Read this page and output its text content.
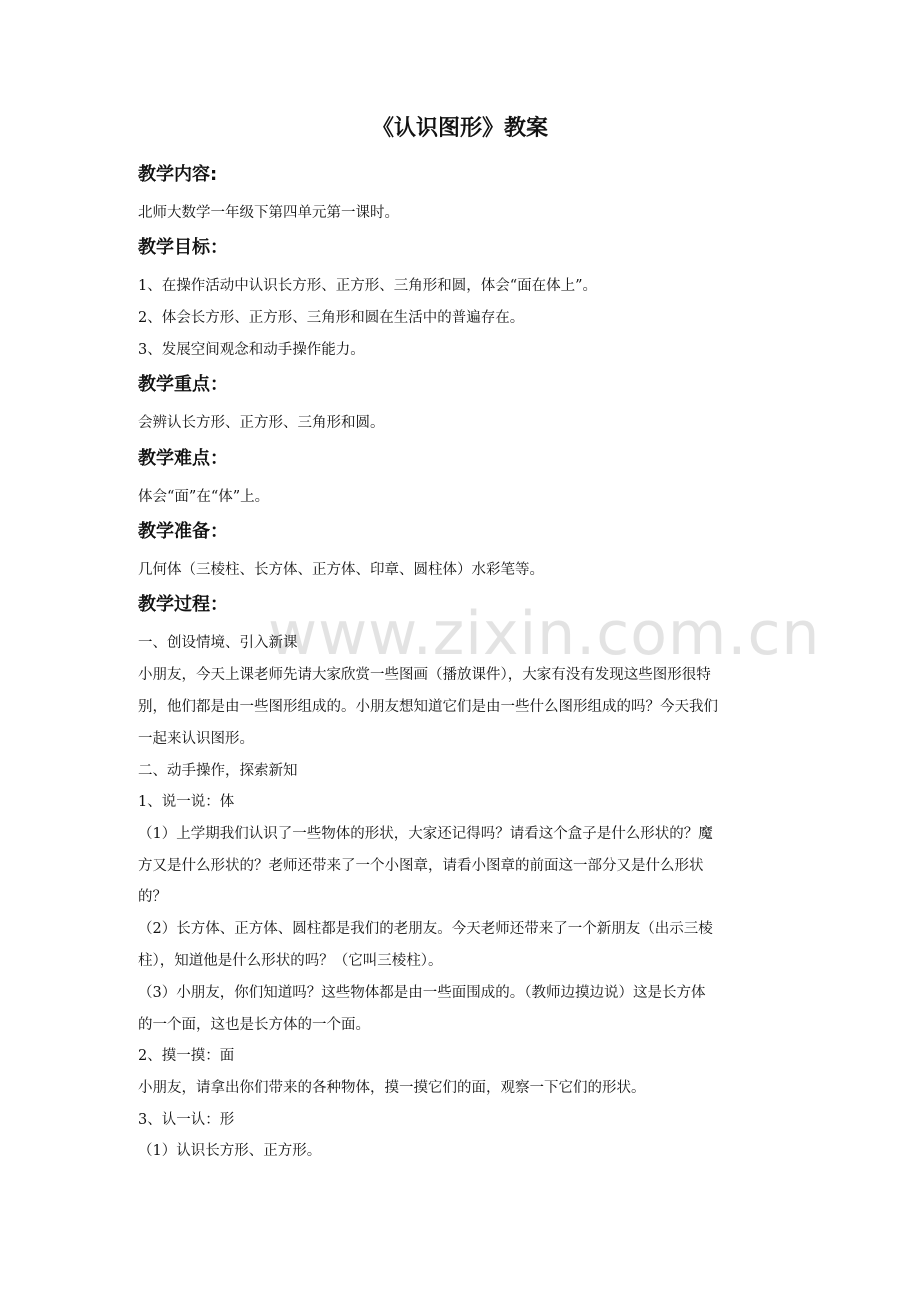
www.zixin.com.cn
《认识图形》教案
教学内容:
北师大数学一年级下第四单元第一课时。
教学目标：
1、在操作活动中认识长方形、正方形、三角形和圆，体会“面在体上”。
2、体会长方形、正方形、三角形和圆在生活中的普遍存在。
3、发展空间观念和动手操作能力。
教学重点：
会辨认长方形、正方形、三角形和圆。
教学难点：
体会“面”在“体”上。
教学准备：
几何体（三棱柱、长方体、正方体、印章、圆柱体）水彩笔等。
教学过程：
一、创设情境、引入新课
小朋友，今天上课老师先请大家欣赏一些图画（播放课件），大家有没有发现这些图形很特
别，他们都是由一些图形组成的。小朋友想知道它们是由一些什么图形组成的吗？今天我们
一起来认识图形。
二、动手操作，探索新知
1、说一说：体
（1）上学期我们认识了一些物体的形状，大家还记得吗？请看这个盒子是什么形状的？魔
方又是什么形状的？老师还带来了一个小图章，请看小图章的前面这一部分又是什么形状
的？
（2）长方体、正方体、圆柱都是我们的老朋友。今天老师还带来了一个新朋友（出示三棱
柱），知道他是什么形状的吗？（它叫三棱柱）。
（3）小朋友，你们知道吗？这些物体都是由一些面围成的。（教师边摸边说）这是长方体
的一个面，这也是长方体的一个面。
2、摸一摸：面
小朋友，请拿出你们带来的各种物体，摸一摸它们的面，观察一下它们的形状。
3、认一认：形
（1）认识长方形、正方形。
